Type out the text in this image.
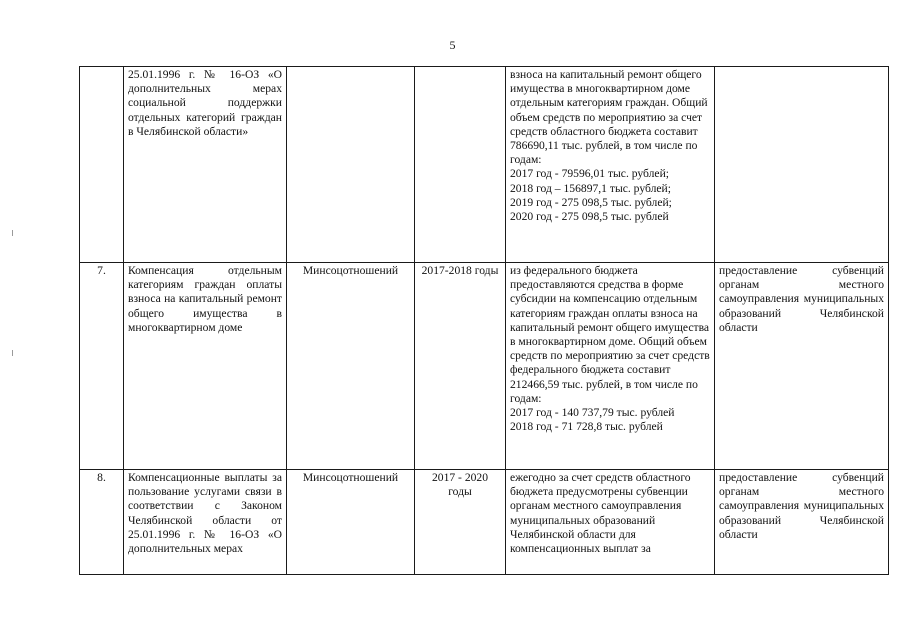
5
	25.01.1996 г. № 16-ОЗ «О дополнительных мерах социальной поддержки отдельных категорий граждан в Челябинской области»			взноса на капитальный ремонт общего имущества в многоквартирном доме отдельным категориям граждан. Общий объем средств по мероприятию за счет средств областного бюджета составит 786690,11 тыс. рублей, в том числе по годам:
2017 год - 79596,01 тыс. рублей;
2018 год – 156897,1 тыс. рублей;
2019 год - 275 098,5 тыс. рублей;
2020 год - 275 098,5 тыс. рублей	

7.	Компенсация отдельным категориям граждан оплаты взноса на капитальный ремонт общего имущества в многоквартирном доме	Минсоцотношений	2017-2018 годы	из федерального бюджета предоставляются средства в форме субсидии на компенсацию отдельным категориям граждан оплаты взноса на капитальный ремонт общего имущества в многоквартирном доме. Общий объем средств по мероприятию за счет средств федерального бюджета составит 212466,59 тыс. рублей, в том числе по годам:
2017 год - 140 737,79 тыс. рублей
2018 год - 71 728,8 тыс. рублей	предоставление субвенций органам местного самоуправления муниципальных образований Челябинской области
8.	Компенсационные выплаты за пользование услугами связи в соответствии с Законом Челябинской области от 25.01.1996 г. № 16-ОЗ «О дополнительных мерах	Минсоцотношений	2017 - 2020 годы	ежегодно за счет средств областного бюджета предусмотрены субвенции органам местного самоуправления муниципальных образований Челябинской области для компенсационных выплат за	предоставление субвенций органам местного самоуправления муниципальных образований Челябинской области
